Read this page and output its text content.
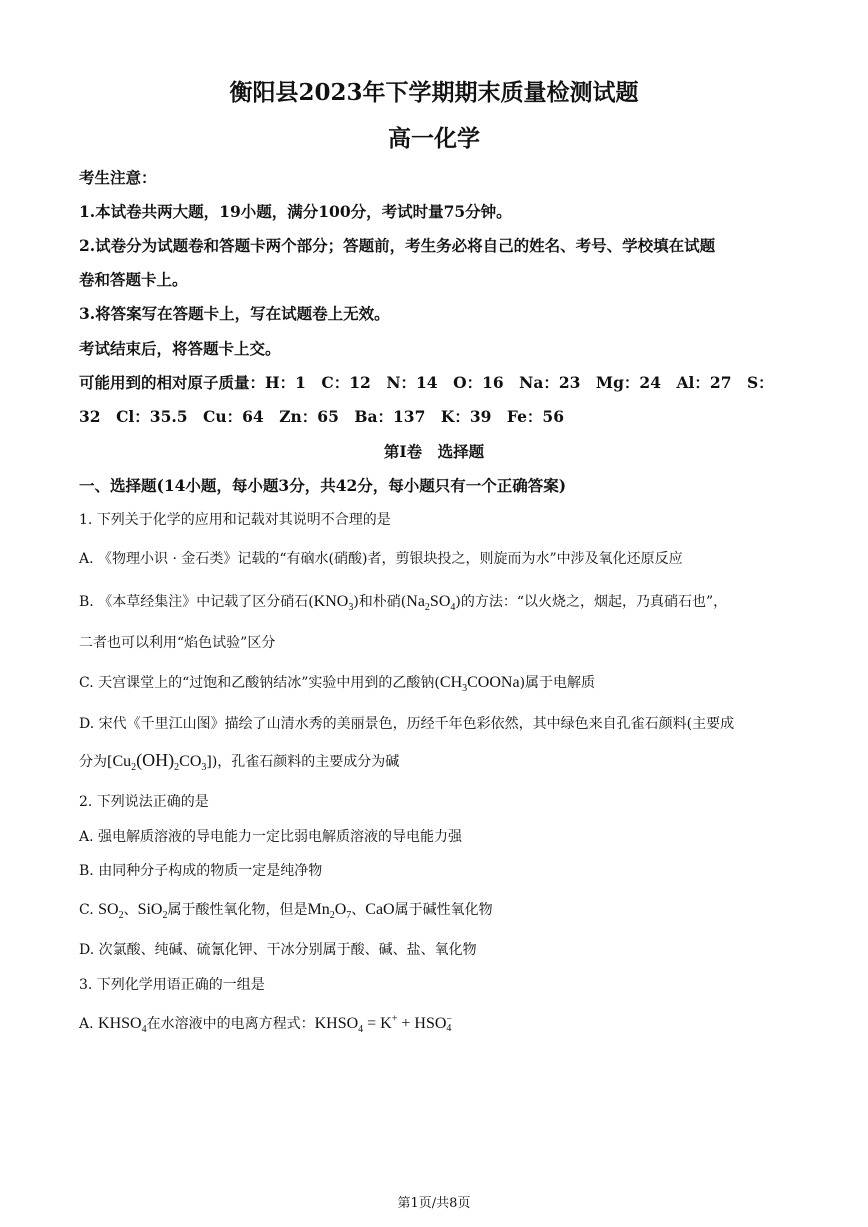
衡阳县2023年下学期期末质量检测试题
高一化学
考生注意：
1.本试卷共两大题，19小题，满分100分，考试时量75分钟。
2.试卷分为试题卷和答题卡两个部分；答题前，考生务必将自己的姓名、考号、学校填在试题
卷和答题卡上。
3.将答案写在答题卡上，写在试题卷上无效。
考试结束后，将答题卡上交。
可能用到的相对原子质量：H：1　C：12　N：14　O：16　Na：23　Mg：24　Al：27　S：
32　Cl：35.5　Cu：64　Zn：65　Ba：137　K：39　Fe：56
第Ⅰ卷　选择题
一、选择题(14小题，每小题3分，共42分，每小题只有一个正确答案)
1. 下列关于化学的应用和记载对其说明不合理的是
A. 《物理小识 · 金石类》记载的“有硇水(硝酸)者，剪银块投之，则旋而为水”中涉及氧化还原反应
B. 《本草经集注》中记载了区分硝石$(KNO_3)$和朴硝$(Na_2SO_4)$的方法：“以火烧之，烟起，乃真硝石也”，
二者也可以利用“焰色试验”区分
C. 天宫课堂上的“过饱和乙酸钠结冰”实验中用到的乙酸钠$(CH_3COONa)$属于电解质
D. 宋代《千里江山图》描绘了山清水秀的美丽景色，历经千年色彩依然，其中绿色来自孔雀石颜料(主要成
分为$[Cu_2(OH)_2CO_3]$)，孔雀石颜料的主要成分为碱
2. 下列说法正确的是
A. 强电解质溶液的导电能力一定比弱电解质溶液的导电能力强
B. 由同种分子构成的物质一定是纯净物
C. $SO_2$、SiO$_2$属于酸性氧化物，但是$Mn_2O_7$、CaO属于碱性氧化物
D. 次氯酸、纯碱、硫氰化钾、干冰分别属于酸、碱、盐、氧化物
3. 下列化学用语正确的一组是
A. $KHSO_4$在水溶液中的电离方程式：$KHSO_4 = K^+$ + HSO −
4
第1页/共8页
